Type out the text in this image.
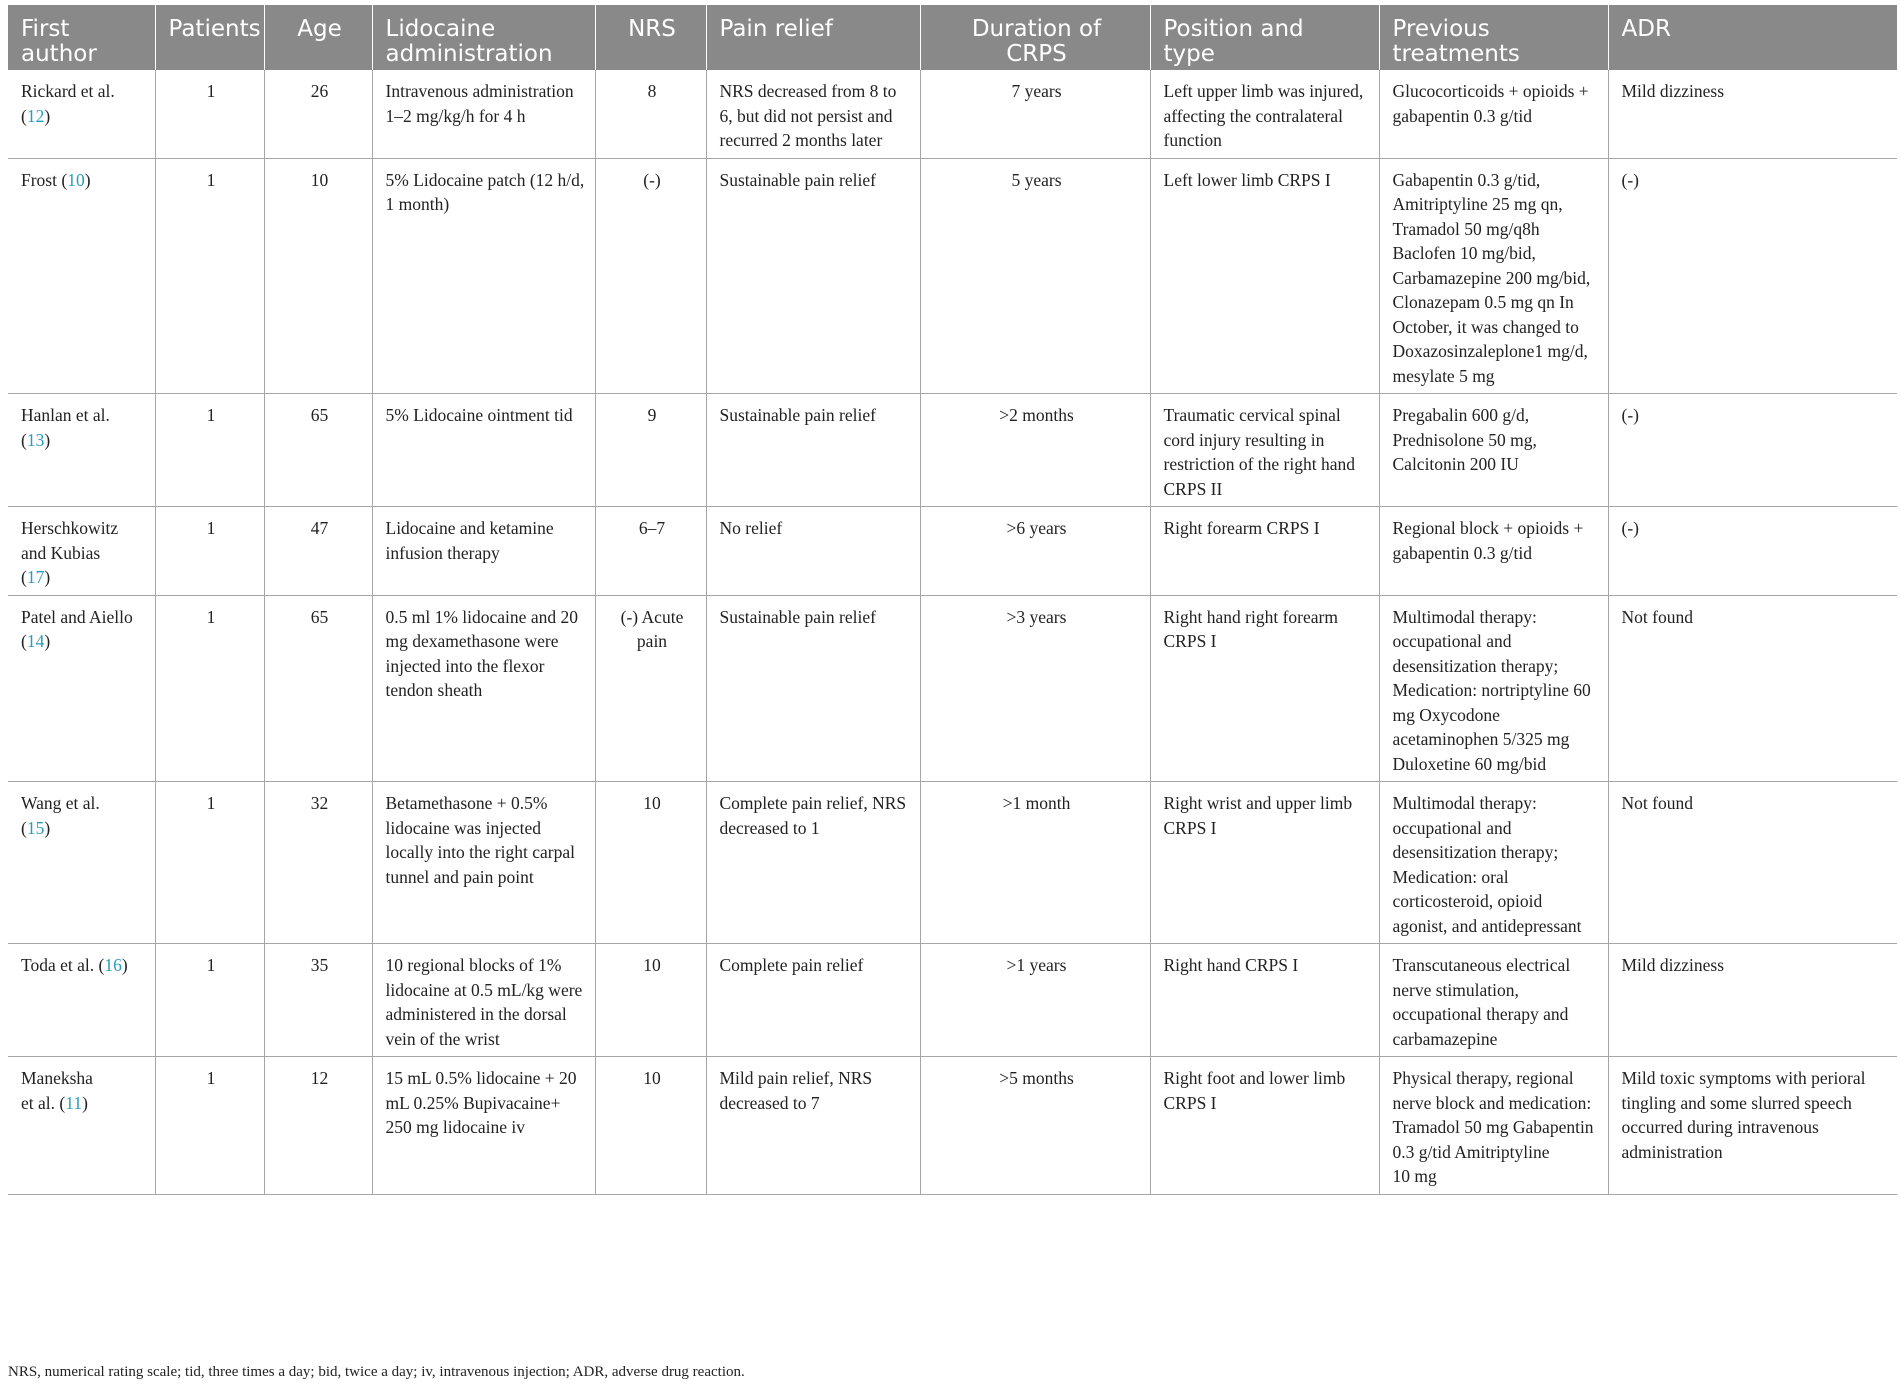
First
author	Patients	Age	Lidocaine
administration	NRS	Pain relief	Duration of
CRPS	Position and
type	Previous
treatments	ADR
Rickard et al.
(12)	1	26	Intravenous administration 1–2 mg/kg/h for 4 h	8	NRS decreased from 8 to 6, but did not persist and recurred 2 months later	7 years	Left upper limb was injured, affecting the contralateral function	Glucocorticoids + opioids + gabapentin 0.3 g/tid	Mild dizziness
Frost (10)	1	10	5% Lidocaine patch (12 h/d, 1 month)	(-)	Sustainable pain relief	5 years	Left lower limb CRPS I	Gabapentin 0.3 g/tid, Amitriptyline 25 mg qn, Tramadol 50 mg/q8h Baclofen 10 mg/bid, Carbamazepine 200 mg/bid, Clonazepam 0.5 mg qn In October, it was changed to Doxazosinzaleplone1 mg/d, mesylate 5 mg	(-)
Hanlan et al.
(13)	1	65	5% Lidocaine ointment tid	9	Sustainable pain relief	>2 months	Traumatic cervical spinal cord injury resulting in restriction of the right hand CRPS II	Pregabalin 600 g/d, Prednisolone 50 mg, Calcitonin 200 IU	(-)
Herschkowitz and Kubias
(17)	1	47	Lidocaine and ketamine infusion therapy	6–7	No relief	>6 years	Right forearm CRPS I	Regional block + opioids + gabapentin 0.3 g/tid	(-)
Patel and Aiello (14)	1	65	0.5 ml 1% lidocaine and 20 mg dexamethasone were injected into the flexor tendon sheath	(-) Acute pain	Sustainable pain relief	>3 years	Right hand right forearm CRPS I	Multimodal therapy: occupational and desensitization therapy; Medication: nortriptyline 60 mg Oxycodone acetaminophen 5/325 mg Duloxetine 60 mg/bid	Not found
Wang et al.
(15)	1	32	Betamethasone + 0.5% lidocaine was injected locally into the right carpal tunnel and pain point	10	Complete pain relief, NRS decreased to 1	>1 month	Right wrist and upper limb CRPS I	Multimodal therapy: occupational and desensitization therapy; Medication: oral corticosteroid, opioid agonist, and antidepressant	Not found
Toda et al. (16)	1	35	10 regional blocks of 1% lidocaine at 0.5 mL/kg were administered in the dorsal vein of the wrist	10	Complete pain relief	>1 years	Right hand CRPS I	Transcutaneous electrical nerve stimulation, occupational therapy and carbamazepine	Mild dizziness
Maneksha
et al. (11)	1	12	15 mL 0.5% lidocaine + 20 mL 0.25% Bupivacaine+ 250 mg lidocaine iv	10	Mild pain relief, NRS decreased to 7	>5 months	Right foot and lower limb CRPS I	Physical therapy, regional nerve block and medication: Tramadol 50 mg Gabapentin 0.3 g/tid Amitriptyline
10 mg	Mild toxic symptoms with perioral tingling and some slurred speech occurred during intravenous administration
NRS, numerical rating scale; tid, three times a day; bid, twice a day; iv, intravenous injection; ADR, adverse drug reaction.
